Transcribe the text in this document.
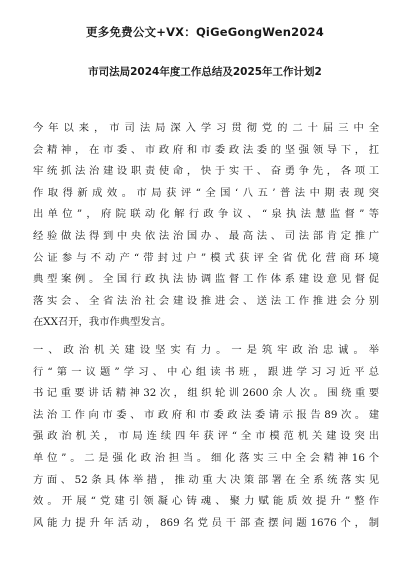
更多免费公文+VX：QiGeGongWen2024
市司法局2024年度工作总结及2025年工作计划2
今年以来，市司法局深入学习贯彻党的二十届三中全
会精神，在市委、市政府和市委政法委的坚强领导下，扛
牢统抓法治建设职责使命，快于实干、奋勇争先，各项工
作取得新成效。市局获评“全国‘八五’普法中期表现突
出单位”，府院联动化解行政争议、“泉执法慧监督”等
经验做法得到中央依法治国办、最高法、司法部肯定推广
公证参与不动产“带封过户”模式获评全省优化营商环境
典型案例。全国行政执法协调监督工作体系建设意见督促
落实会、全省法治社会建设推进会、送法工作推进会分别
在XX召开，我市作典型发言。
一、政治机关建设坚实有力。一是筑牢政治忠诚。举
行“第一议题”学习、中心组读书班，跟进学习习近平总
书记重要讲话精神32次，组织轮训2600余人次。围绕重要
法治工作向市委、市政府和市委政法委请示报告89次。建
强政治机关，市局连续四年获评“全市模范机关建设突出
单位”。二是强化政治担当。细化落实三中全会精神16个
方面、52条具体举措，推动重大决策部署在全系统落实见
效。开展“党建引领凝心铸魂、聚力赋能质效提升”整作
风能力提升年活动，869名党员干部查摆问题1676个，制
